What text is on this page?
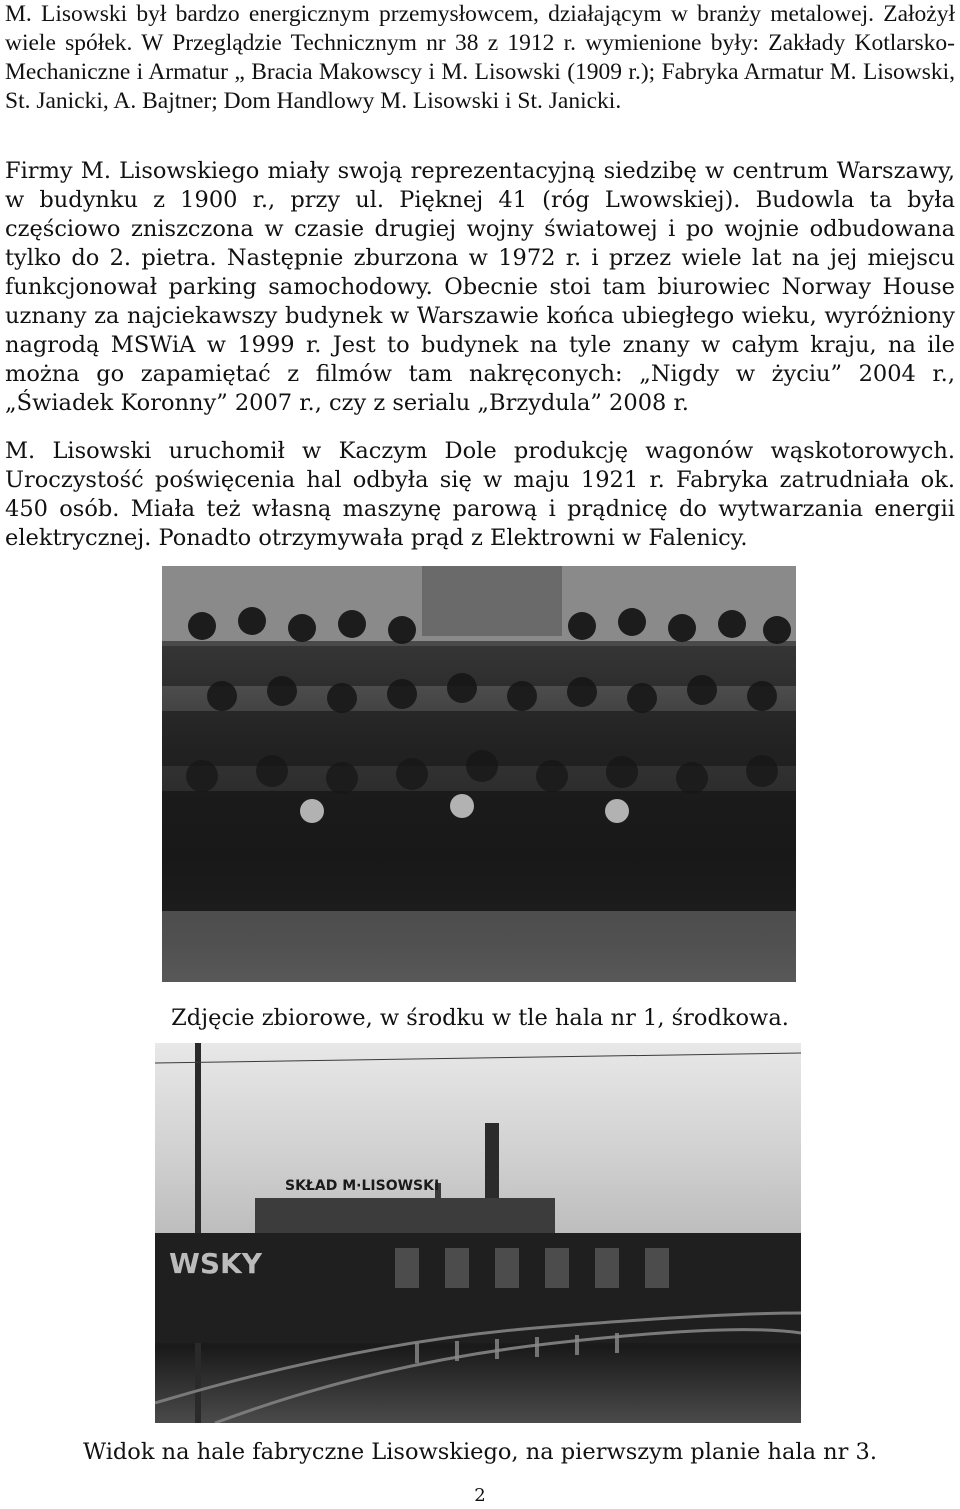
M. Lisowski był bardzo energicznym przemysłowcem, działającym w branży metalowej. Założył wiele spółek. W Przeglądzie Technicznym nr 38 z 1912 r. wymienione były: Zakłady Kotlarsko-Mechaniczne i Armatur „ Bracia Makowscy i M. Lisowski (1909 r.); Fabryka Armatur M. Lisowski, St. Janicki, A. Bajtner; Dom Handlowy M. Lisowski i St. Janicki.

Firmy M. Lisowskiego miały swoją reprezentacyjną siedzibę w centrum Warszawy, w budynku z 1900 r., przy ul. Pięknej 41 (róg Lwowskiej). Budowla ta była częściowo zniszczona w czasie drugiej wojny światowej i po wojnie odbudowana tylko do 2. pietra. Następnie zburzona w 1972 r. i przez wiele lat na jej miejscu funkcjonował parking samochodowy. Obecnie stoi tam biurowiec Norway House uznany za najciekawszy budynek w Warszawie końca ubiegłego wieku, wyróżniony nagrodą MSWiA w 1999 r. Jest to budynek na tyle znany w całym kraju, na ile można go zapamiętać z filmów tam nakręconych: „Nigdy w życiu” 2004 r., „Świadek Koronny” 2007 r., czy z serialu „Brzydula” 2008 r.

M. Lisowski uruchomił w Kaczym Dole produkcję wagonów wąskotorowych. Uroczystość poświęcenia hal odbyła się w maju 1921 r. Fabryka zatrudniała ok. 450 osób. Miała też własną maszynę parową i prądnicę do wytwarzania energii elektrycznej. Ponadto otrzymywała prąd z Elektrowni w Falenicy.

Zdjęcie zbiorowe, w środku w tle hala nr 1, środkowa.

SKŁAD M·LISOWSKI
WSKY

Widok na hale fabryczne Lisowskiego, na pierwszym planie hala nr 3.

2
